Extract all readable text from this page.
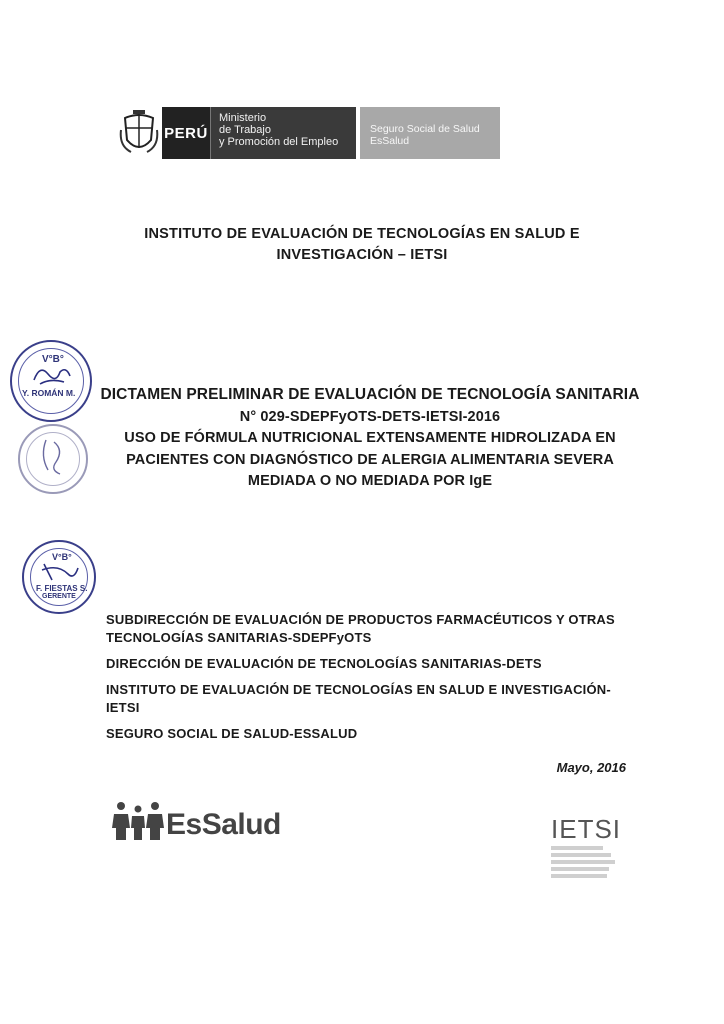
PERÚ
Ministerio
de Trabajo
y Promoción del Empleo
Seguro Social de Salud
EsSalud
INSTITUTO DE EVALUACIÓN DE TECNOLOGÍAS EN SALUD E
INVESTIGACIÓN – IETSI
V°B°
Y. ROMÁN M. DICTAMEN PRELIMINAR DE EVALUACIÓN DE TECNOLOGÍA SANITARIA
N° 029-SDEPFyOTS-DETS-IETSI-2016
USO DE FÓRMULA NUTRICIONAL EXTENSAMENTE HIDROLIZADA EN
PACIENTES CON DIAGNÓSTICO DE ALERGIA ALIMENTARIA SEVERA
MEDIADA O NO MEDIADA POR IgE
V°B°
F. FIESTAS S.
GERENTE
SUBDIRECCIÓN DE EVALUACIÓN DE PRODUCTOS FARMACÉUTICOS Y OTRAS
TECNOLOGÍAS SANITARIAS-SDEPFyOTS
DIRECCIÓN DE EVALUACIÓN DE TECNOLOGÍAS SANITARIAS-DETS
INSTITUTO DE EVALUACIÓN DE TECNOLOGÍAS EN SALUD E INVESTIGACIÓN-
IETSI
SEGURO SOCIAL DE SALUD-ESSALUD
Mayo, 2016
EsSalud	IETSI
